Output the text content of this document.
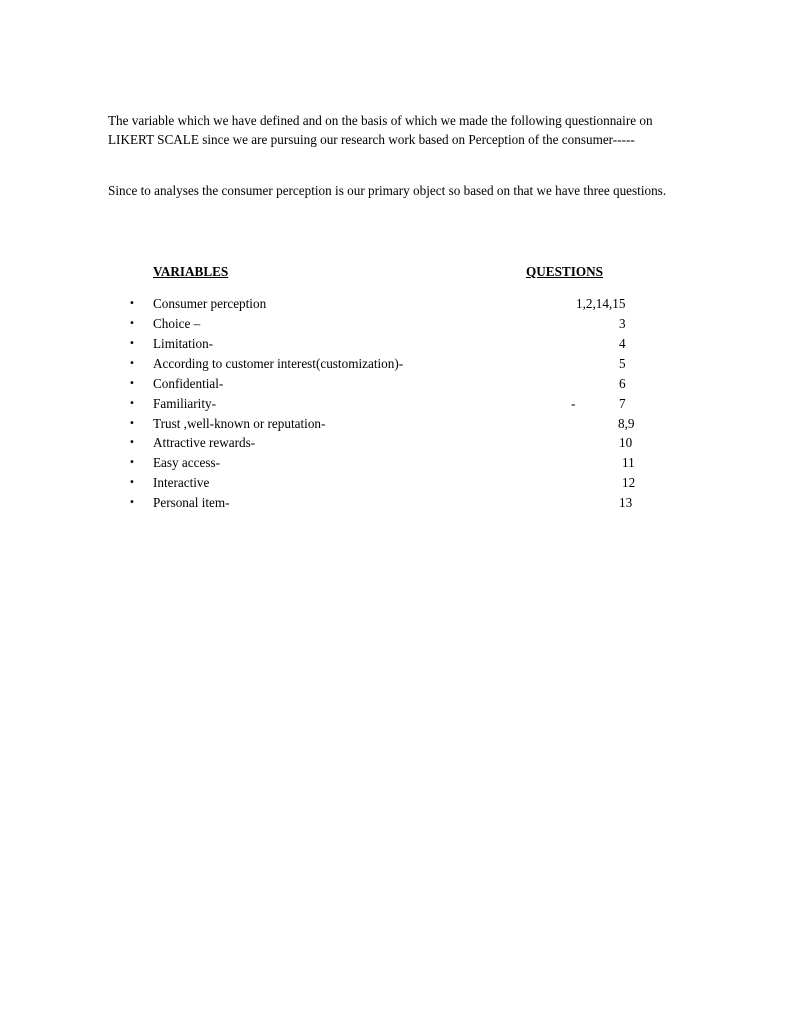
The variable which we have defined and on the basis of which we made the following questionnaire on LIKERT SCALE since we are pursuing our research work based on Perception of the consumer-----

Since to analyses the consumer perception is our primary object so based on that we have three questions.

VARIABLES	QUESTIONS
• Consumer perception	1,2,14,15
• Choice –	3
• Limitation-	4
• According to customer interest(customization)-	5
• Confidential-	6
• Familiarity-	-	7
• Trust ,well-known or reputation-	8,9
• Attractive rewards-	10
• Easy access-	11
• Interactive	12
• Personal item-	13
